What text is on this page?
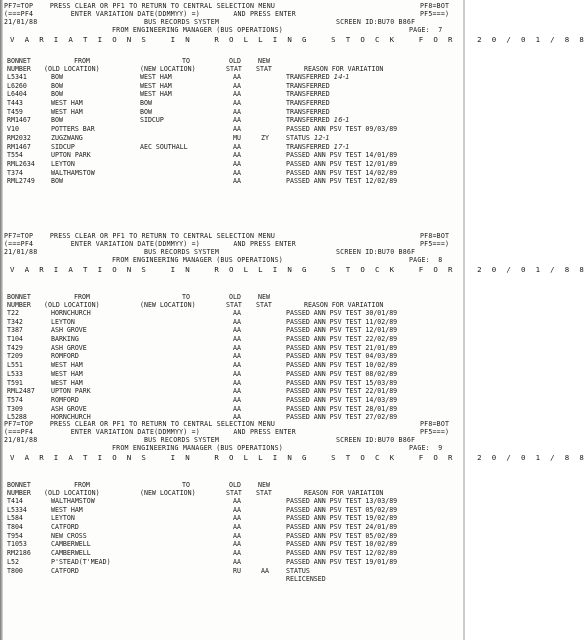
PF7=TOP    PRESS CLEAR OR PF1 TO RETURN TO CENTRAL SELECTION MENU	PF8=BOT
(===PF4         ENTER VARIATION DATE(DDMMYY) =)        AND PRESS ENTER	PF5===)
21/01/88	BUS RECORDS SYSTEM	SCREEN ID:BU70 B86F
FROM ENGINEERING MANAGER (BUS OPERATIONS)	PAGE:  7
V A R I A T I O N S   I N   R O L L I N G   S T O C K   F O R   2 0 / 0 1 / 8 8
BONNET	FROM	TO	OLD	NEW
NUMBER (OLD LOCATION)	(NEW LOCATION)	STAT STAT	REASON FOR VARIATION
L5341	BOW	WEST HAM	AA	TRANSFERRED 14-1
L6260	BOW	WEST HAM	AA	TRANSFERRED
L6404	BOW	WEST HAM	AA	TRANSFERRED
T443	WEST HAM	BOW	AA	TRANSFERRED
T459	WEST HAM	BOW	AA	TRANSFERRED
RM1467	BOW	SIDCUP	AA	TRANSFERRED 16-1
V10	POTTERS BAR	AA	PASSED ANN PSV TEST 09/03/89
RM2032	ZUGZWANG	MU	ZY	STATUS 12-1
RM1467	SIDCUP	AEC SOUTHALL	AA	TRANSFERRED 17-1
T554	UPTON PARK	AA	PASSED ANN PSV TEST 14/01/89
RML2634 LEYTON	AA	PASSED ANN PSV TEST 12/01/89
T374	WALTHAMSTOW	AA	PASSED ANN PSV TEST 14/02/89
RML2749 BOW	AA	PASSED ANN PSV TEST 12/02/89
PF7=TOP    PRESS CLEAR OR PF1 TO RETURN TO CENTRAL SELECTION MENU	PF8=BOT
(===PF4         ENTER VARIATION DATE(DDMMYY) =)        AND PRESS ENTER	PF5===)
21/01/88	BUS RECORDS SYSTEM	SCREEN ID:BU70 B86F
FROM ENGINEERING MANAGER (BUS OPERATIONS)	PAGE:  8
V A R I A T I O N S   I N   R O L L I N G   S T O C K   F O R   2 0 / 0 1 / 8 8
BONNET	FROM	TO	OLD	NEW
NUMBER (OLD LOCATION)	(NEW LOCATION)	STAT STAT	REASON FOR VARIATION
T22	HORNCHURCH	AA	PASSED ANN PSV TEST 30/01/89
T342	LEYTON	AA	PASSED ANN PSV TEST 11/02/89
T387	ASH GROVE	AA	PASSED ANN PSV TEST 12/01/89
T104	BARKING	AA	PASSED ANN PSV TEST 22/02/89
T429	ASH GROVE	AA	PASSED ANN PSV TEST 21/01/89
T209	ROMFORD	AA	PASSED ANN PSV TEST 04/03/89
L551	WEST HAM	AA	PASSED ANN PSV TEST 10/02/89
L533	WEST HAM	AA	PASSED ANN PSV TEST 08/02/89
T591	WEST HAM	AA	PASSED ANN PSV TEST 15/03/89
RML2487 UPTON PARK	AA	PASSED ANN PSV TEST 22/01/89
T574	ROMFORD	AA	PASSED ANN PSV TEST 14/03/89
T309	ASH GROVE	AA	PASSED ANN PSV TEST 28/01/89
L5288	HORNCHURCH	AA	PASSED ANN PSV TEST 27/02/89
PF7=TOP    PRESS CLEAR OR PF1 TO RETURN TO CENTRAL SELECTION MENU	PF8=BOT
(===PF4         ENTER VARIATION DATE(DDMMYY) =)        AND PRESS ENTER	PF5===)
21/01/88	BUS RECORDS SYSTEM	SCREEN ID:BU70 B86F
FROM ENGINEERING MANAGER (BUS OPERATIONS)	PAGE:  9
V A R I A T I O N S   I N   R O L L I N G   S T O C K   F O R   2 0 / 0 1 / 8 8
BONNET	FROM	TO	OLD	NEW
NUMBER (OLD LOCATION)	(NEW LOCATION)	STAT STAT	REASON FOR VARIATION
T414	WALTHAMSTOW	AA	PASSED ANN PSV TEST 13/03/89
L5334	WEST HAM	AA	PASSED ANN PSV TEST 05/02/89
L584	LEYTON	AA	PASSED ANN PSV TEST 19/02/89
T804	CATFORD	AA	PASSED ANN PSV TEST 24/01/89
T954	NEW CROSS	AA	PASSED ANN PSV TEST 05/02/89
T1053	CAMBERWELL	AA	PASSED ANN PSV TEST 10/02/89
RM2186	CAMBERWELL	AA	PASSED ANN PSV TEST 12/02/89
L52	P'STEAD(T'MEAD)	AA	PASSED ANN PSV TEST 19/01/89
T800	CATFORD	RU	AA	STATUS
RELICENSED
